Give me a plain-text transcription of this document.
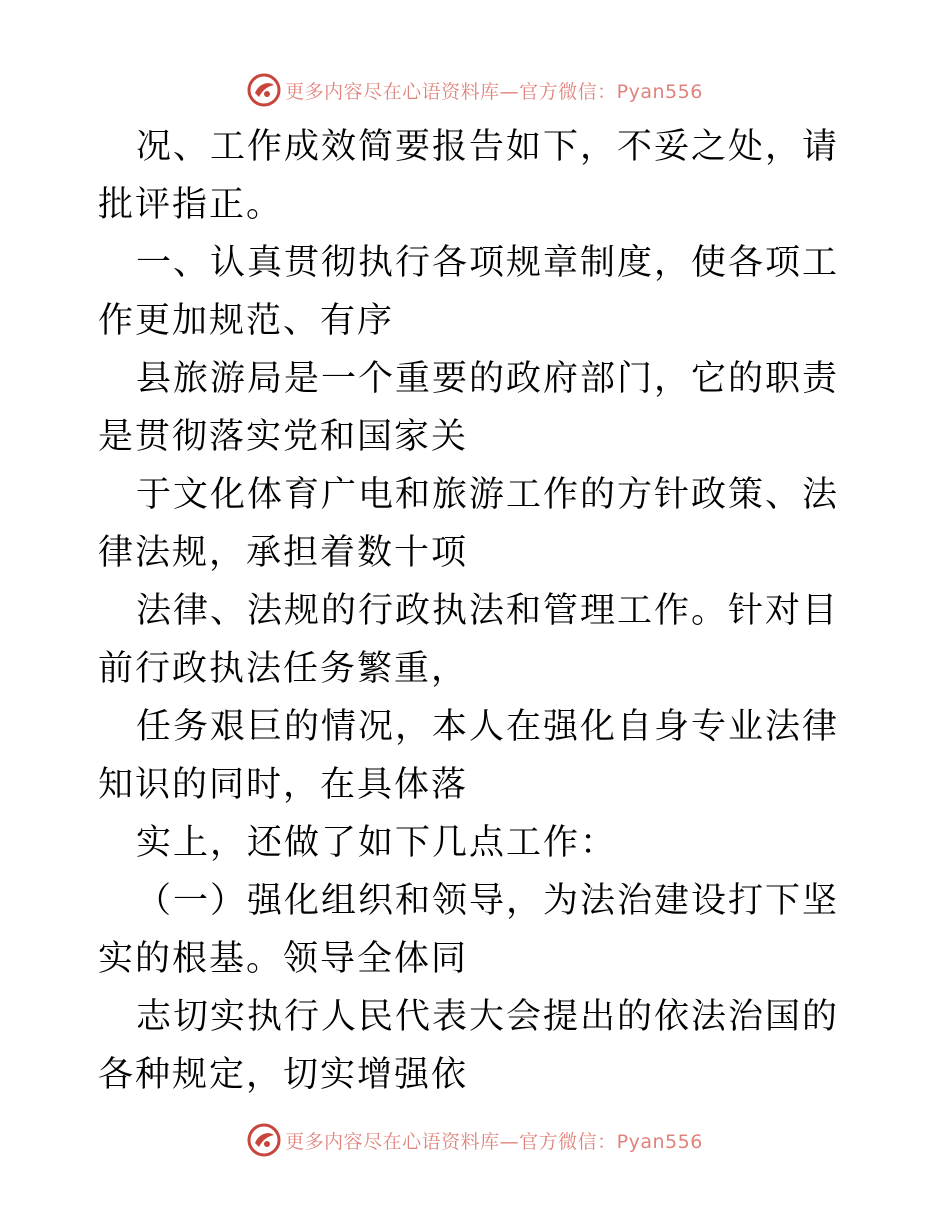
更多内容尽在心语资料库—官方微信：Pyan556

况、工作成效简要报告如下，不妥之处，请批评指正。

一、认真贯彻执行各项规章制度，使各项工作更加规范、有序

县旅游局是一个重要的政府部门，它的职责是贯彻落实党和国家关

于文化体育广电和旅游工作的方针政策、法律法规，承担着数十项

法律、法规的行政执法和管理工作。针对目前行政执法任务繁重，

任务艰巨的情况，本人在强化自身专业法律知识的同时，在具体落

实上，还做了如下几点工作：

（一）强化组织和领导，为法治建设打下坚实的根基。领导全体同

志切实执行人民代表大会提出的依法治国的各种规定，切实增强依

更多内容尽在心语资料库—官方微信：Pyan556
